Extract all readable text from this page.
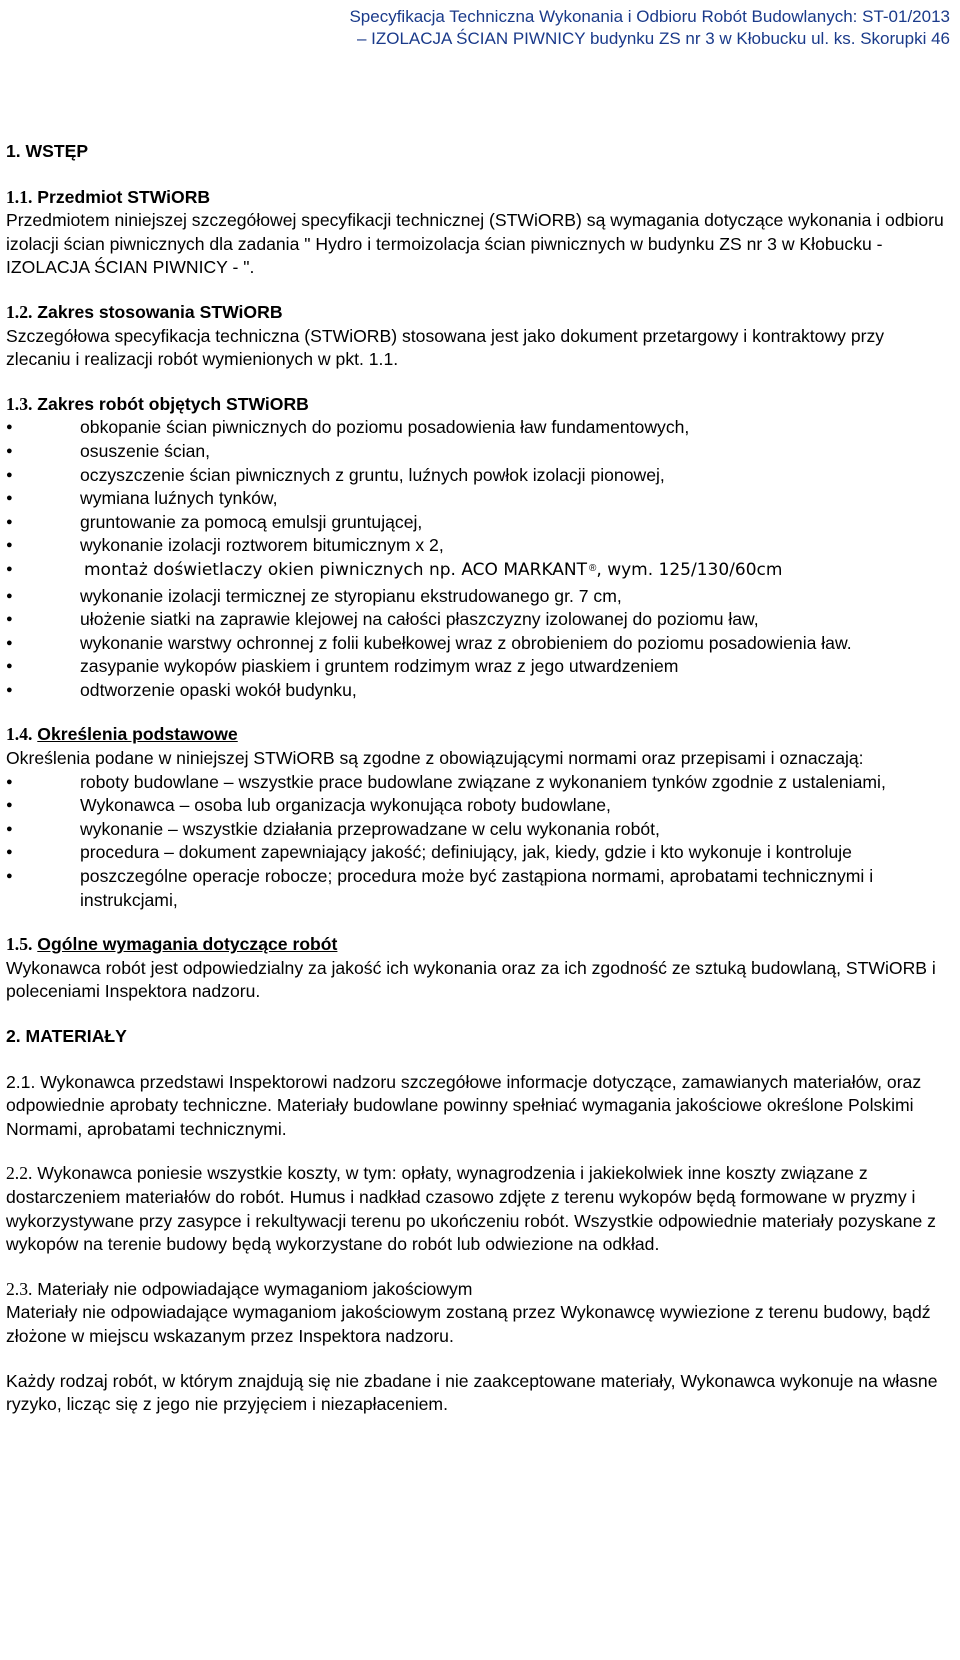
Specyfikacja Techniczna Wykonania i Odbioru Robót Budowlanych: ST-01/2013
– IZOLACJA ŚCIAN PIWNICY budynku ZS nr 3 w Kłobucku ul. ks. Skorupki 46
1. WSTĘP
1.1. Przedmiot STWiORB

Przedmiotem niniejszej szczegółowej specyfikacji technicznej (STWiORB) są wymagania dotyczące wykonania i odbioru izolacji ścian piwnicznych dla zadania " Hydro i termoizolacja ścian piwnicznych w budynku ZS nr 3 w Kłobucku - IZOLACJA ŚCIAN PIWNICY - ".

1.2. Zakres stosowania STWiORB

Szczegółowa specyfikacja techniczna (STWiORB) stosowana jest jako dokument przetargowy i kontraktowy przy zlecaniu i realizacji robót wymienionych w pkt. 1.1.

1.3. Zakres robót objętych STWiORB
● obkopanie ścian piwnicznych do poziomu posadowienia ław fundamentowych,
● osuszenie ścian,
● oczyszczenie ścian piwnicznych z gruntu, luźnych powłok izolacji pionowej,
● wymiana luźnych tynków,
● gruntowanie za pomocą emulsji gruntującej,
● wykonanie izolacji roztworem bitumicznym x 2,
● montaż doświetlaczy okien piwnicznych np. ACO MARKANT ®, wym. 125/130/60cm
● wykonanie izolacji termicznej ze styropianu ekstrudowanego gr. 7 cm,
● ułożenie siatki na zaprawie klejowej na całości płaszczyzny izolowanej do poziomu ław,
● wykonanie warstwy ochronnej z folii kubełkowej wraz z obrobieniem do poziomu posadowienia ław.
● zasypanie wykopów piaskiem i gruntem rodzimym wraz z jego utwardzeniem
● odtworzenie opaski wokół budynku,
1.4. Określenia podstawowe

Określenia podane w niniejszej STWiORB są zgodne z obowiązującymi normami oraz przepisami i oznaczają:

● roboty budowlane – wszystkie prace budowlane związane z wykonaniem tynków zgodnie z ustaleniami,
● Wykonawca – osoba lub organizacja wykonująca roboty budowlane,
● wykonanie – wszystkie działania przeprowadzane w celu wykonania robót,
● procedura – dokument zapewniający jakość; definiujący, jak, kiedy, gdzie i kto wykonuje i kontroluje
● poszczególne operacje robocze; procedura może być zastąpiona normami, aprobatami technicznymi i instrukcjami,
1.5. Ogólne wymagania dotyczące robót

Wykonawca robót jest odpowiedzialny za jakość ich wykonania oraz za ich zgodność ze sztuką budowlaną, STWiORB i poleceniami Inspektora nadzoru.

2. MATERIAŁY

2.1. Wykonawca przedstawi Inspektorowi nadzoru szczegółowe informacje dotyczące, zamawianych materiałów, oraz odpowiednie aprobaty techniczne. Materiały budowlane powinny spełniać wymagania jakościowe określone Polskimi Normami, aprobatami technicznymi.

2.2. Wykonawca poniesie wszystkie koszty, w tym: opłaty, wynagrodzenia i jakiekolwiek inne koszty związane z dostarczeniem materiałów do robót. Humus i nadkład czasowo zdjęte z terenu wykopów będą formowane w pryzmy i wykorzystywane przy zasypce i rekultywacji terenu po ukończeniu robót. Wszystkie odpowiednie materiały pozyskane z wykopów na terenie budowy będą wykorzystane do robót lub odwiezione na odkład.

2.3. Materiały nie odpowiadające wymaganiom jakościowym

Materiały nie odpowiadające wymaganiom jakościowym zostaną przez Wykonawcę wywiezione z terenu budowy, bądź złożone w miejscu wskazanym przez Inspektora nadzoru.

Każdy rodzaj robót, w którym znajdują się nie zbadane i nie zaakceptowane materiały, Wykonawca wykonuje na własne ryzyko, licząc się z jego nie przyjęciem i niezapłaceniem.
